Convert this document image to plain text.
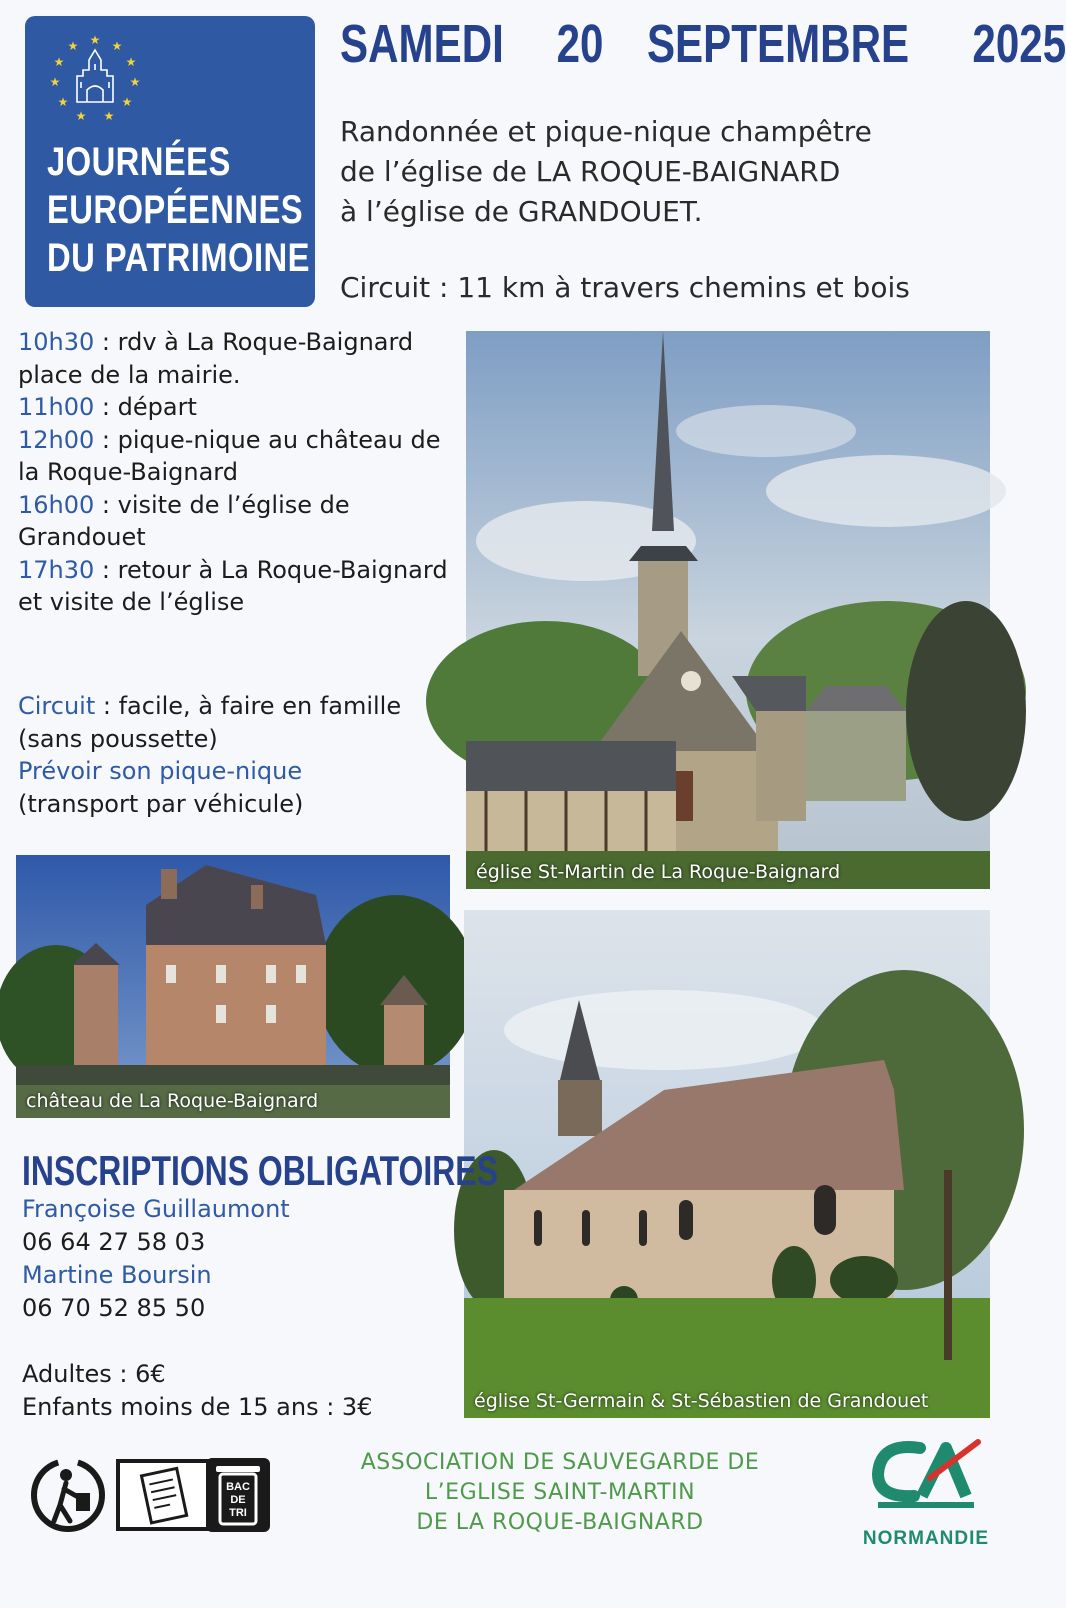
★ ★
★
★
★
★
★
★
★
★
★
JOURNÉES
EUROPÉENNES
DU PATRIMOINE
SAMEDI 20 SEPTEMBRE 2025
Randonnée et pique-nique champêtre
de l’église de LA ROQUE-BAIGNARD
à l’église de GRANDOUET.
Circuit : 11 km à travers chemins et bois
10h30 : rdv à La Roque-Baignard place de la mairie.
11h00 : départ
12h00 : pique-nique au château de la Roque-Baignard
16h00 : visite de l’église de Grandouet
17h30 : retour à La Roque-Baignard et visite de l’église
Circuit : facile, à faire en famille (sans poussette)
Prévoir son pique-nique
(transport par véhicule)
église St-Martin de La Roque-Baignard
château de La Roque-Baignard
église St-Germain & St-Sébastien de Grandouet
INSCRIPTIONS OBLIGATOIRES
Françoise Guillaumont
06 64 27 58 03
Martine Boursin
06 70 52 85 50
Adultes : 6€
Enfants moins de 15 ans : 3€
BAC
DE
TRI
ASSOCIATION DE SAUVEGARDE DE
L’EGLISE SAINT-MARTIN
DE LA ROQUE-BAIGNARD
CA

NORMANDIE
